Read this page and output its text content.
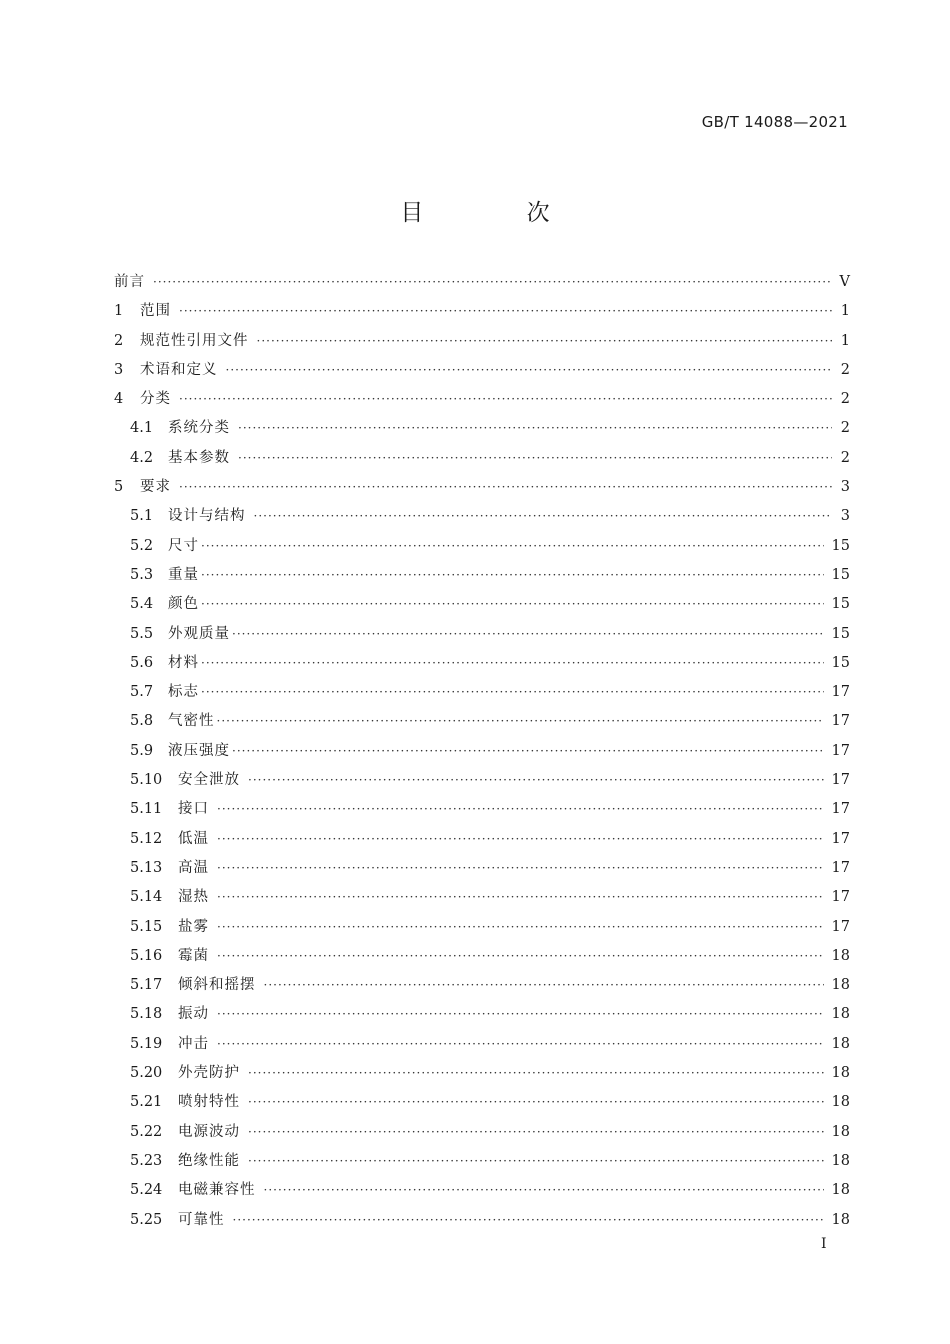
GB/T 14088—2021
目 次
前言 ·····	V
1	范围 ·····	1
2	规范性引用文件 ·····	1
3	术语和定义 ·····	2
4	分类 ·····	2
4.1	系统分类 ·····	2
4.2	基本参数 ·····	2
5	要求 ·····	3
5.1	设计与结构 ·····	3
5.2	尺寸 ·····	15
5.3	重量 ·····	15
5.4	颜色 ·····	15
5.5	外观质量 ·····	15
5.6	材料 ·····	15
5.7	标志 ·····	17
5.8	气密性 ·····	17
5.9	液压强度 ·····	17
5.10	安全泄放 ·····	17
5.11	接口 ·····	17
5.12	低温 ·····	17
5.13	高温 ·····	17
5.14	湿热 ·····	17
5.15	盐雾 ·····	17
5.16	霉菌 ·····	18
5.17	倾斜和摇摆 ·····	18
5.18	振动 ·····	18
5.19	冲击 ·····	18
5.20	外壳防护 ·····	18
5.21	喷射特性 ·····	18
5.22	电源波动 ·····	18
5.23	绝缘性能 ·····	18
5.24	电磁兼容性 ·····	18
5.25	可靠性 ·····	18
I
